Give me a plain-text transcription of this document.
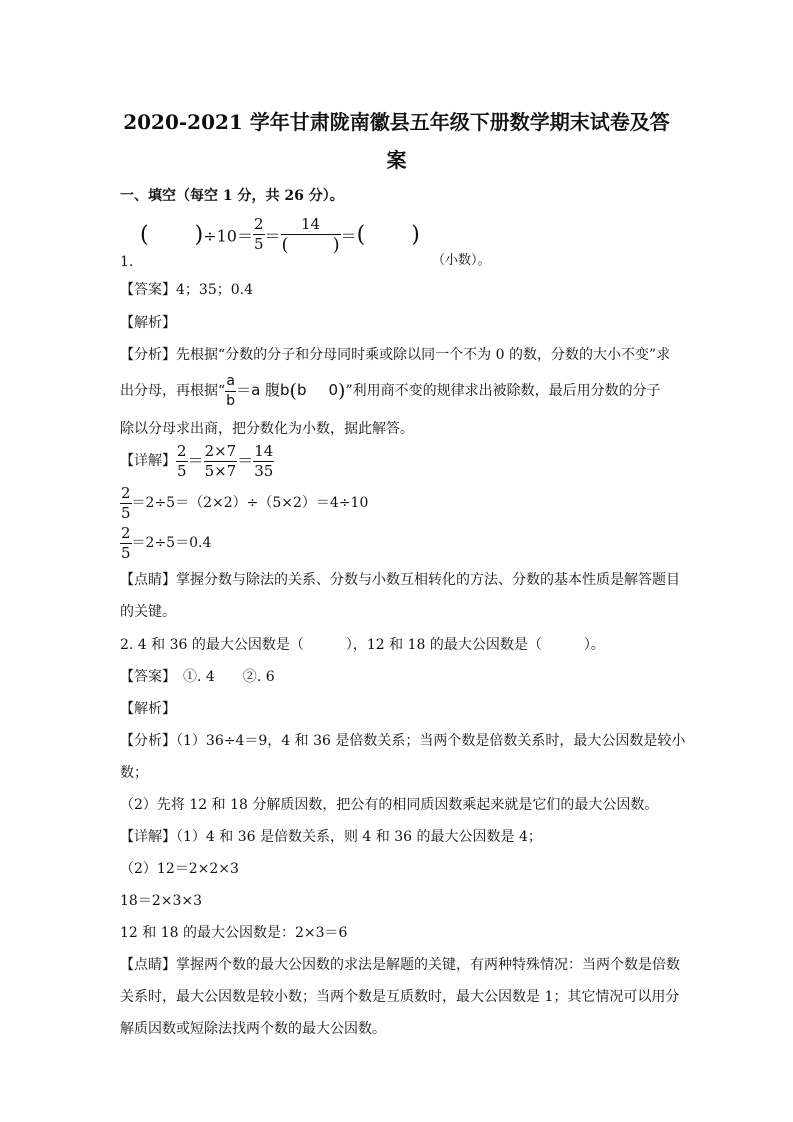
2020-2021 学年甘肃陇南徽县五年级下册数学期末试卷及答
案
一、填空（每空 1 分，共 26 分）。
( )$\div 10= \frac{2}{5} = \frac{14}{( )}$ ＝( )
1.	（小数）。
【答案】4；35；0.4
【解析】
【分析】先根据“分数的分子和分母同时乘或除以同一个不为 0 的数，分数的大小不变”求
出分母，再根据“ $\frac{a}{b} =a$ 腹b(b 0)”利用商不变的规律求出被除数，最后用分数的分子
除以分母求出商，把分数化为小数，据此解答。
【详解】 $\frac{2}{5} = \frac{2\times 7}{5\times 7} = \frac{14}{35}$
$\frac{2}{5} =2\div 5=(2\times 2)\div(5\times 2)=4\div 10$
$\frac{2}{5} =2\div 5=0.4$
【点睛】掌握分数与除法的关系、分数与小数互相转化的方法、分数的基本性质是解答题目
的关键。
2. 4 和 36 的最大公因数是（　　　），12 和 18 的最大公因数是（　　　）。
【答案】　①. 4　　②. 6
【解析】
【分析】（1）36÷4＝9，4 和 36 是倍数关系；当两个数是倍数关系时，最大公因数是较小
数；
（2）先将 12 和 18 分解质因数，把公有的相同质因数乘起来就是它们的最大公因数。
【详解】（1）4 和 36 是倍数关系，则 4 和 36 的最大公因数是 4；
（2）12＝2×2×3
18＝2×3×3
12 和 18 的最大公因数是：2×3＝6
【点睛】掌握两个数的最大公因数的求法是解题的关键，有两种特殊情况：当两个数是倍数
关系时，最大公因数是较小数；当两个数是互质数时，最大公因数是 1；其它情况可以用分
解质因数或短除法找两个数的最大公因数。
